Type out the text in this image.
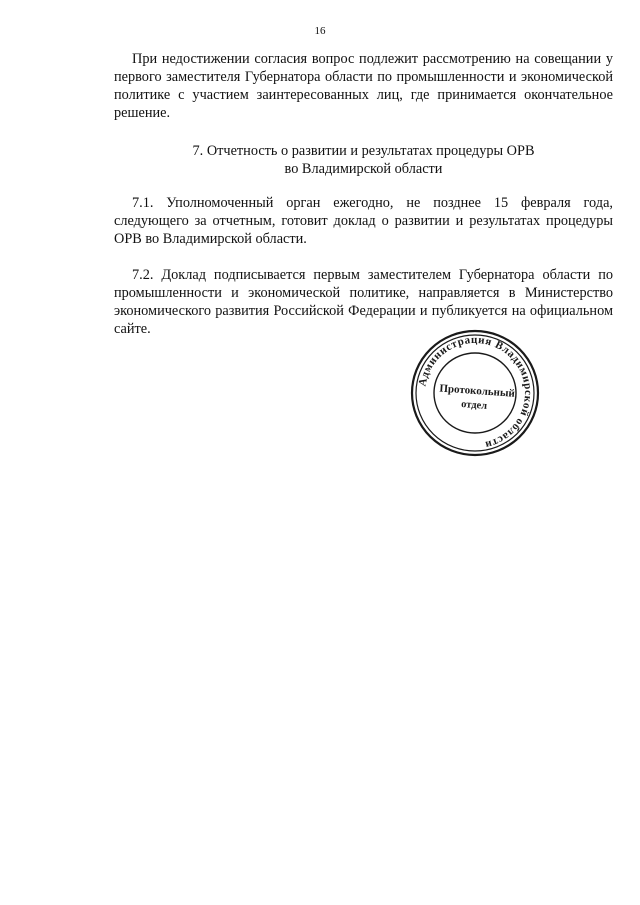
16

При недостижении согласия вопрос подлежит рассмотрению на совещании у первого заместителя Губернатора области по промышленности и экономической политике с участием заинтересованных лиц, где принимается окончательное решение.

7. Отчетность о развитии и результатах процедуры ОРВ
во Владимирской области

7.1. Уполномоченный орган ежегодно, не позднее 15 февраля года, следующего за отчетным, готовит доклад о развитии и результатах процедуры ОРВ во Владимирской области.

7.2. Доклад подписывается первым заместителем Губернатора области по промышленности и экономической политике, направляется в Министерство экономического развития Российской Федерации и публикуется на официальном сайте.

Администрация Владимирской области
Протокольный
отдел
